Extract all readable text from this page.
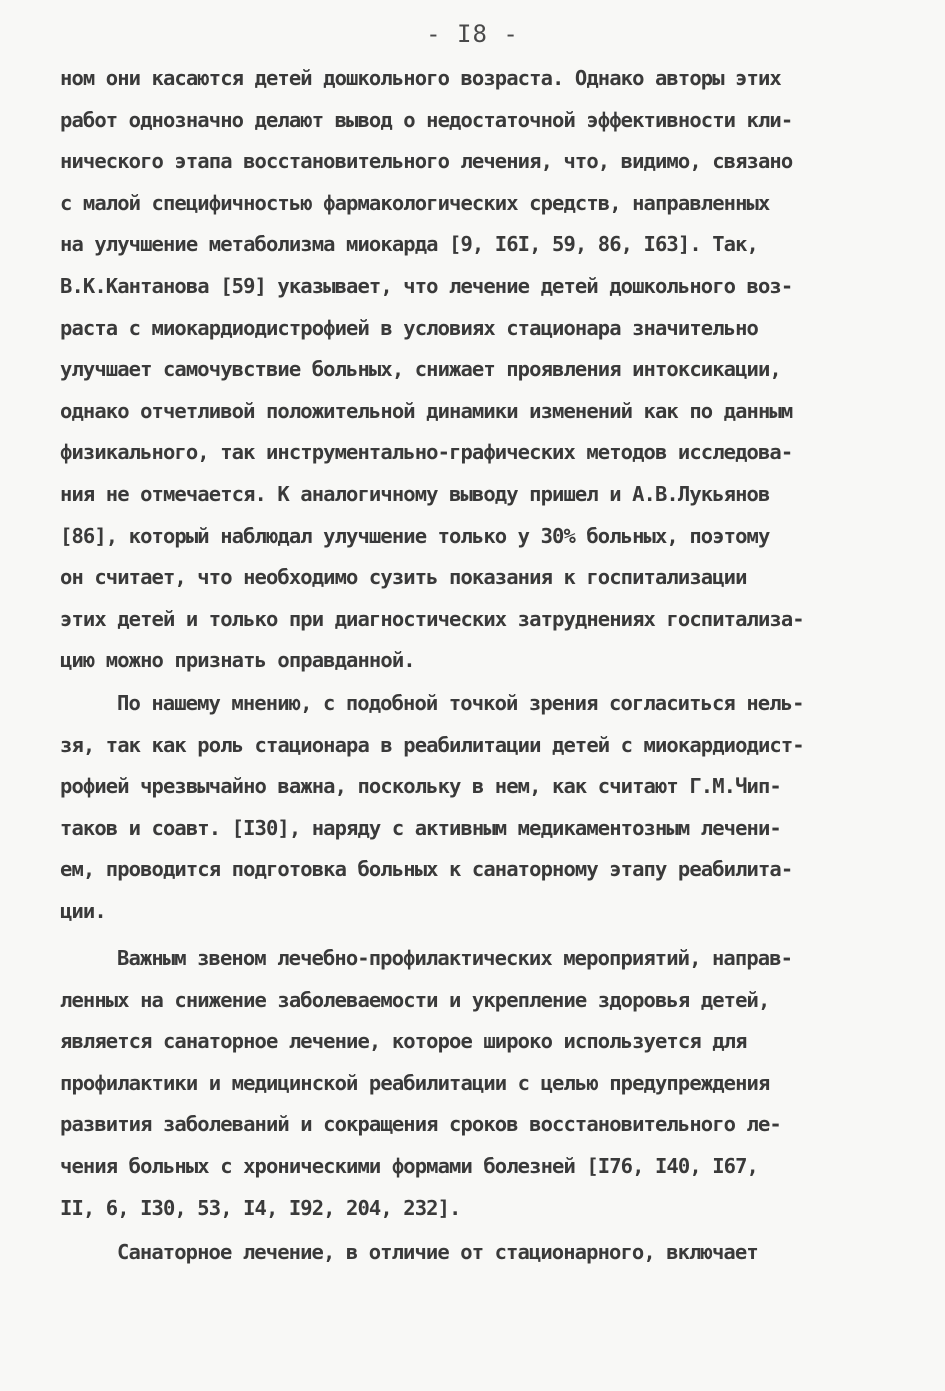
- I8 -
ном они касаются детей дошкольного возраста. Однако авторы этих
работ однозначно делают вывод о недостаточной эффективности кли-
нического этапа восстановительного лечения, что, видимо, связано
с малой специфичностью фармакологических средств, направленных
на улучшение метаболизма миокарда [9, I6I, 59, 86, I63]. Так,
В.К.Кантанова [59] указывает, что лечение детей дошкольного воз-
раста с миокардиодистрофией в условиях стационара значительно
улучшает самочувствие больных, снижает проявления интоксикации,
однако отчетливой положительной динамики изменений как по данным
физикального, так инструментально-графических методов исследова-
ния не отмечается. К аналогичному выводу пришел и А.В.Лукьянов
[86], который наблюдал улучшение только у 30% больных, поэтому
он считает, что необходимо сузить показания к госпитализации
этих детей и только при диагностических затруднениях госпитализа-
цию можно признать оправданной.
По нашему мнению, с подобной точкой зрения согласиться нель-
зя, так как роль стационара в реабилитации детей с миокардиодист-
рофией чрезвычайно важна, поскольку в нем, как считают Г.М.Чип-
таков и соавт. [I30], наряду с активным медикаментозным лечени-
ем, проводится подготовка больных к санаторному этапу реабилита-
ции.
Важным звеном лечебно-профилактических мероприятий, направ-
ленных на снижение заболеваемости и укрепление здоровья детей,
является санаторное лечение, которое широко используется для
профилактики и медицинской реабилитации с целью предупреждения
развития заболеваний и сокращения сроков восстановительного ле-
чения больных с хроническими формами болезней [I76, I40, I67,
II, 6, I30, 53, I4, I92, 204, 232].
Санаторное лечение, в отличие от стационарного, включает
